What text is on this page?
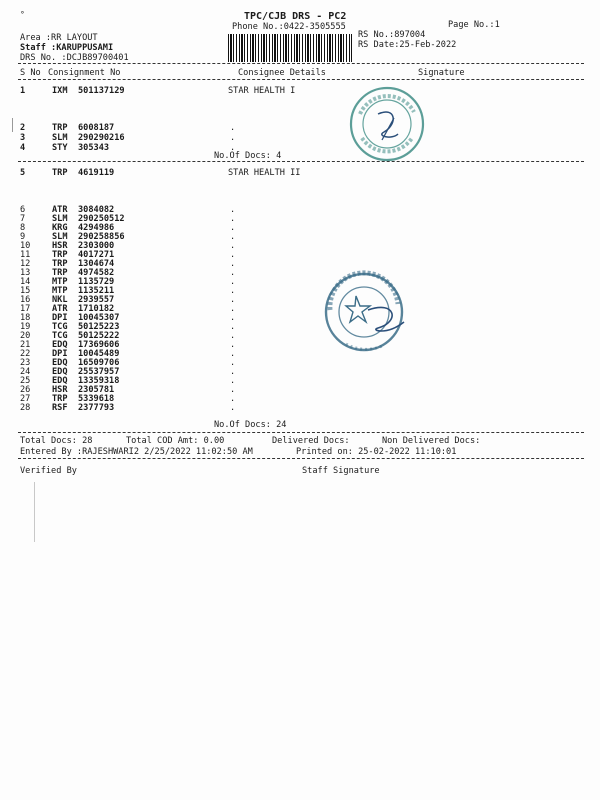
°	TPC/CJB DRS - PC2
Phone No.:0422-3505555	Page No.:1
Area :RR LAYOUT
Staff :KARUPPUSAMI
DRS No. :DCJB89700401
RS No.:897004
RS Date:25-Feb-2022
S No Consignment No	Consignee Details	Signature
STAR HEALTH I
1	IXM 501137129
2	TRP 6008187	.
3	SLM 290290216	.
4	STY 305343	.
No.Of Docs: 4
STAR HEALTH II
5	TRP 4619119
6	ATR 3084082	.
7	SLM 290250512	.
8	KRG 4294986	.
9	SLM 290258856	.
10	HSR 2303000	.
11	TRP 4017271	.
12	TRP 1304674	.
13	TRP 4974582	.
14	MTP 1135729	.
15	MTP 1135211	.
16	NKL 2939557	.
17	ATR 1710182	.
18	DPI 10045307	.
19	TCG 50125223	.
20	TCG 50125222	.
21	EDQ 17369606	.
22	DPI 10045489	.
23	EDQ 16509706	.
24	EDQ 25537957	.
25	EDQ 13359318	.
26	HSR 2305781	.
27	TRP 5339618	.
28	RSF 2377793	.
No.Of Docs: 24
Total Docs: 28	Total COD Amt: 0.00	Delivered Docs:	Non Delivered Docs:
Entered By :RAJESHWARI2 2/25/2022 11:02:50 AM	Printed on: 25-02-2022 11:10:01
Verified By	Staff Signature
